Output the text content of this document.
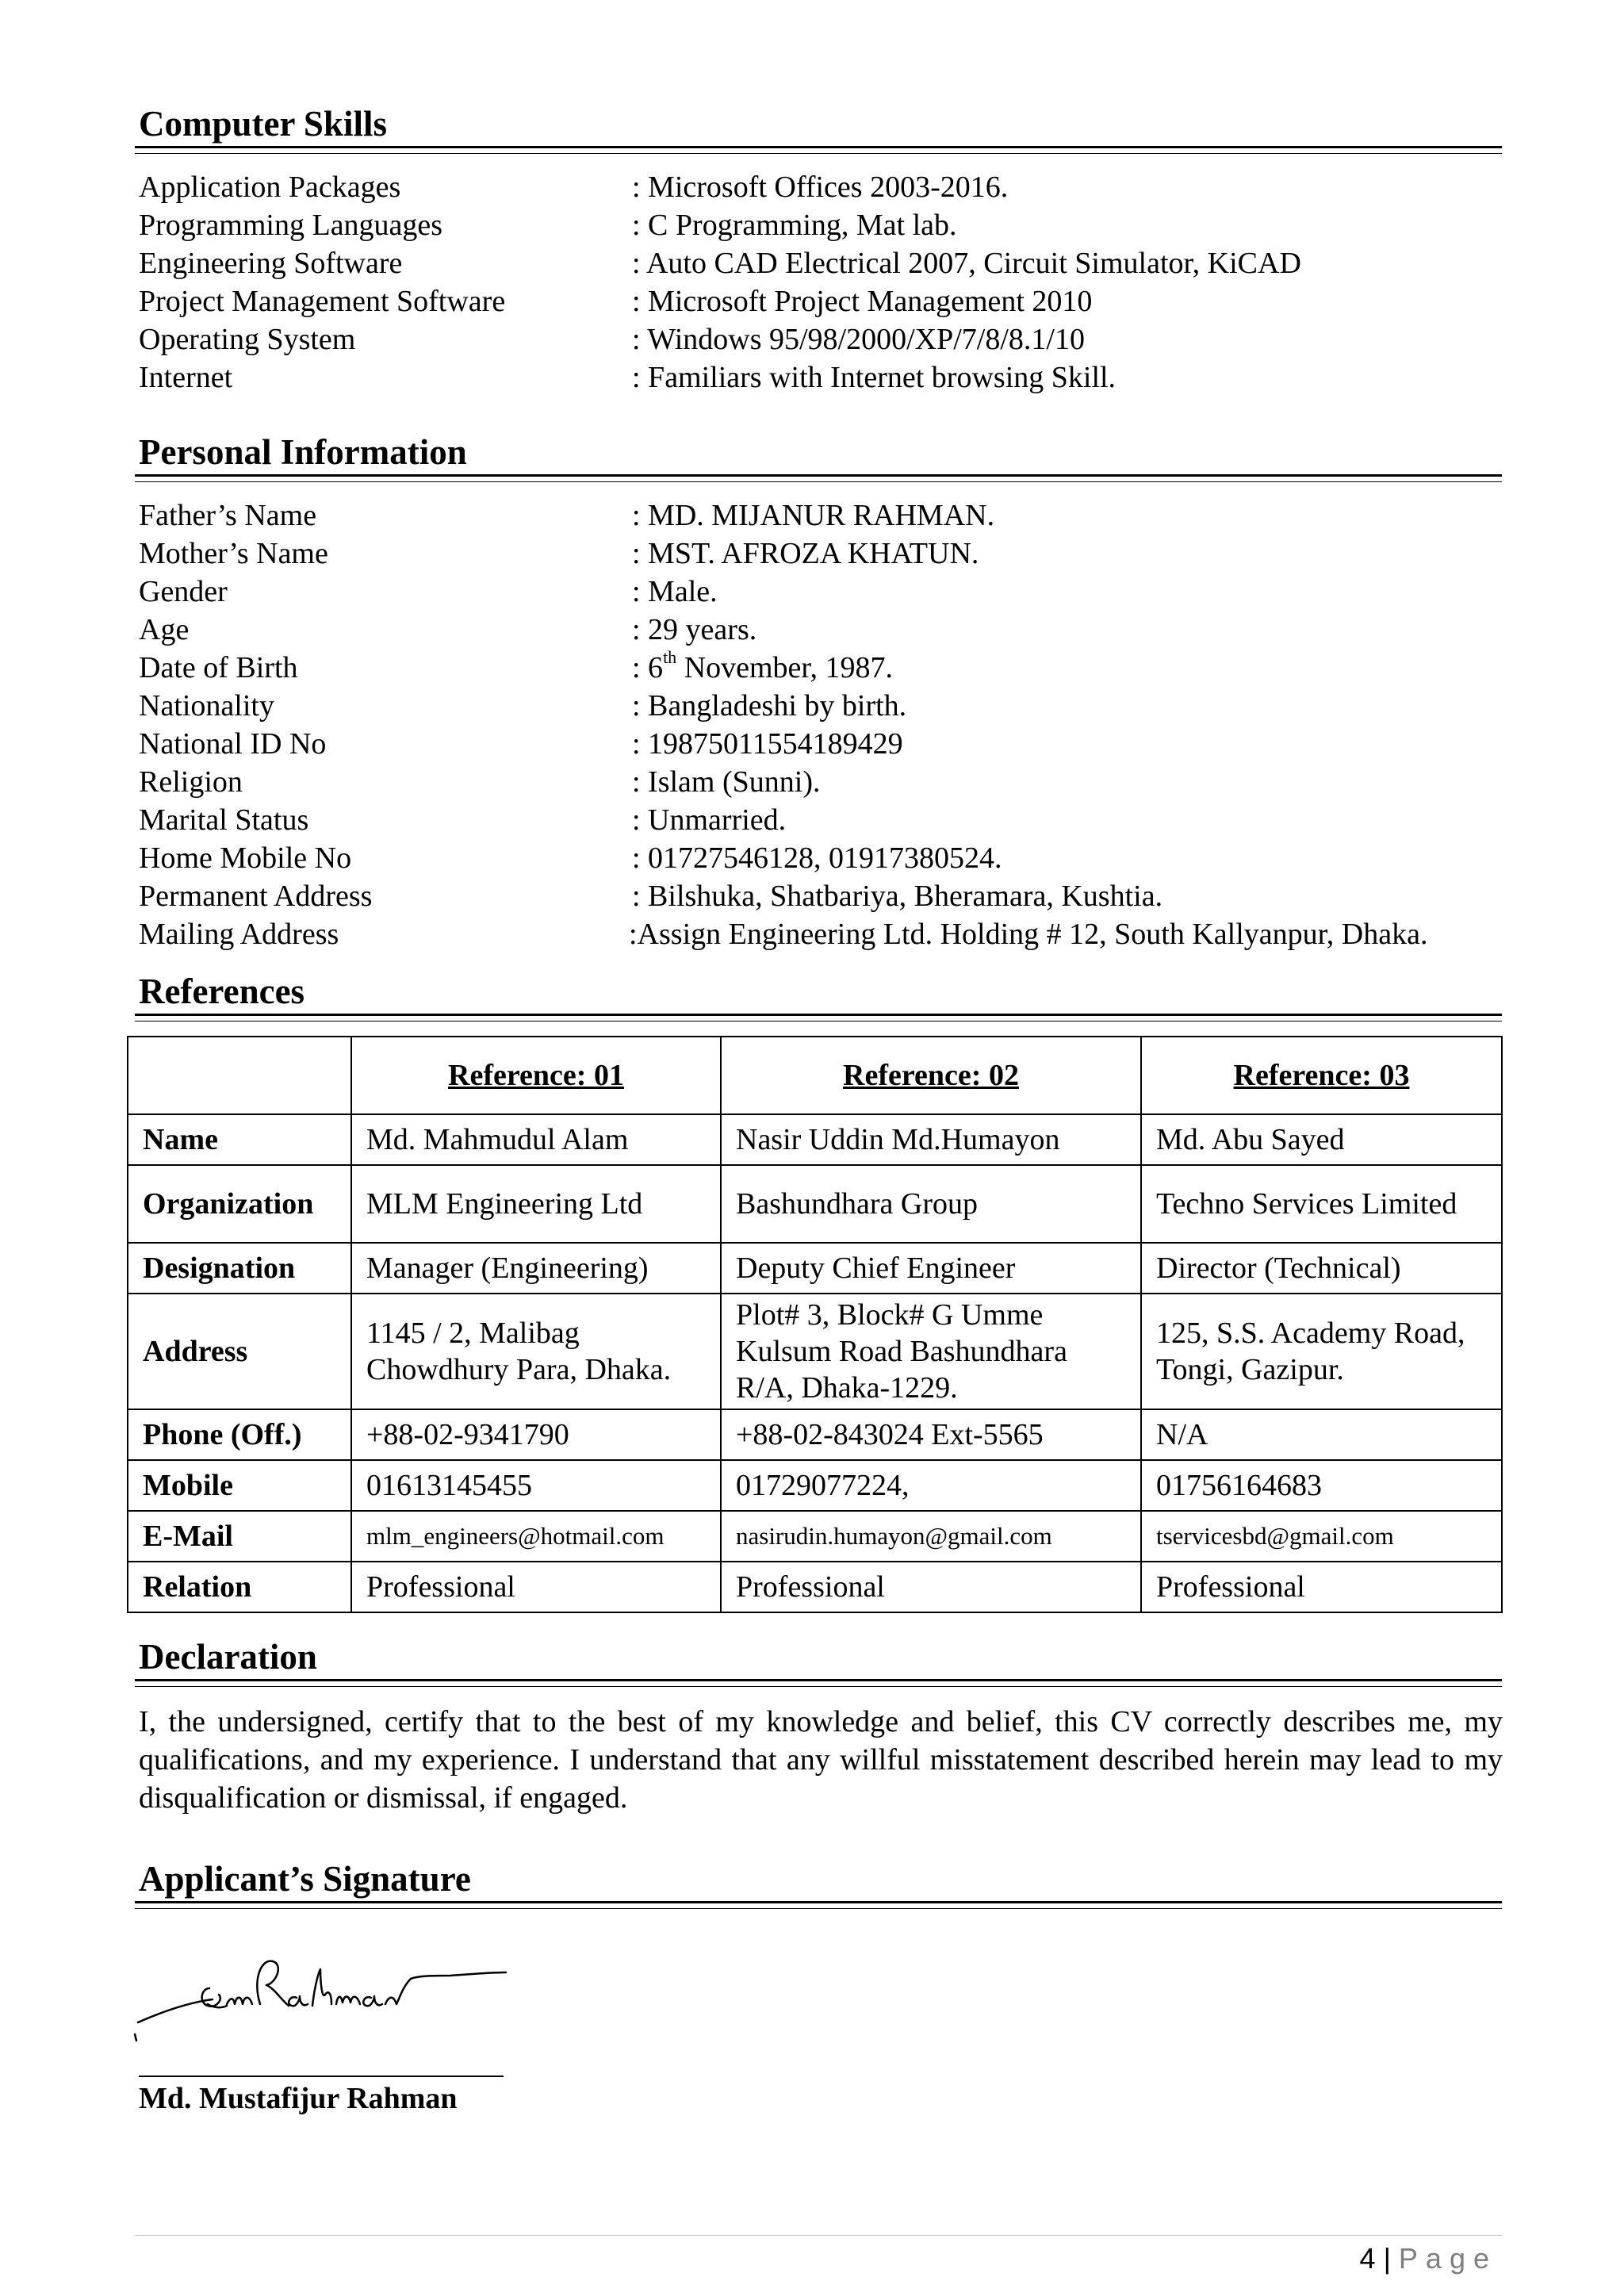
Computer Skills
Application Packages	: Microsoft Offices 2003-2016.
Programming Languages	: C Programming, Mat lab.
Engineering Software	: Auto CAD Electrical 2007, Circuit Simulator, KiCAD
Project Management Software	: Microsoft Project Management 2010
Operating System	: Windows 95/98/2000/XP/7/8/8.1/10
Internet	: Familiars with Internet browsing Skill.
Personal Information
Father’s Name	: MD. MIJANUR RAHMAN.
Mother’s Name	: MST. AFROZA KHATUN.
Gender	: Male.
Age	: 29 years.
Date of Birth	: 6th November, 1987.
Nationality	: Bangladeshi by birth.
National ID No	: 19875011554189429
Religion	: Islam (Sunni).
Marital Status	: Unmarried.
Home Mobile No	: 01727546128, 01917380524.
Permanent Address	: Bilshuka, Shatbariya, Bheramara, Kushtia.
Mailing Address	:Assign Engineering Ltd. Holding # 12, South Kallyanpur, Dhaka.
References
	Reference: 01	Reference: 02	Reference: 03
Name	Md. Mahmudul Alam	Nasir Uddin Md.Humayon	Md. Abu Sayed
Organization	MLM Engineering Ltd	Bashundhara Group	Techno Services Limited
Designation	Manager (Engineering)	Deputy Chief Engineer	Director (Technical)
Address	1145 / 2, Malibag Chowdhury Para, Dhaka.	Plot# 3, Block# G Umme Kulsum Road Bashundhara R/A, Dhaka-1229.	125, S.S. Academy Road, Tongi, Gazipur.
Phone (Off.)	+88-02-9341790	+88-02-843024 Ext-5565	N/A
Mobile	01613145455	01729077224,	01756164683
E-Mail	mlm_engineers@hotmail.com	nasirudin.humayon@gmail.com	tservicesbd@gmail.com
Relation	Professional	Professional	Professional
Declaration
I, the undersigned, certify that to the best of my knowledge and belief, this CV correctly describes me, my qualifications, and my experience. I understand that any willful misstatement described herein may lead to my disqualification or dismissal, if engaged.
Applicant’s Signature
Md. Mustafijur Rahman
4 | Page
